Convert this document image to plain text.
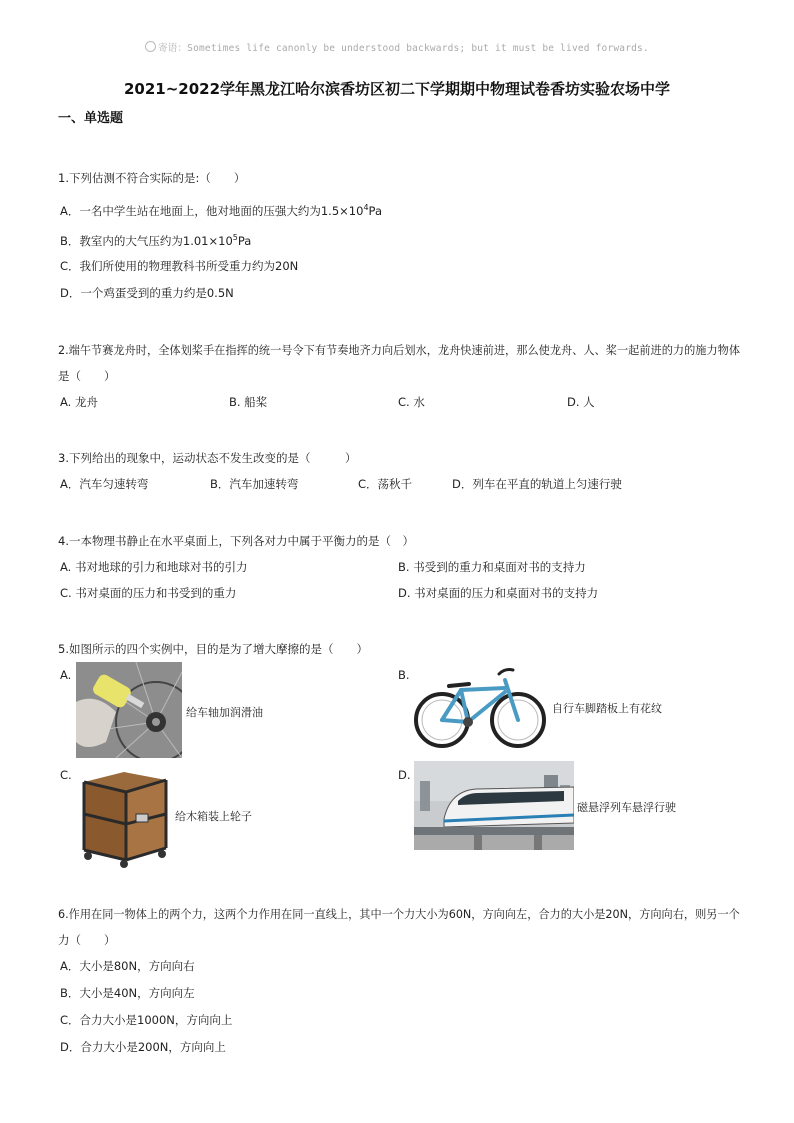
寄语：Sometimes life canonly be understood backwards; but it must be lived forwards.
2021~2022学年黑龙江哈尔滨香坊区初二下学期期中物理试卷香坊实验农场中学
一、单选题
1.下列估测不符合实际的是:（　　）
A．一名中学生站在地面上，他对地面的压强大约为$1.5\times 10^4Pa$
B．教室内的大气压约为$1.01\times 10^5Pa$
C．我们所使用的物理教科书所受重力约为20N
D．一个鸡蛋受到的重力约是0.5N
2.端午节赛龙舟时，全体划桨手在指挥的统一号令下有节奏地齐力向后划水，龙舟快速前进，那么使龙舟、人、桨一起前进的力的施力物体
是（　　）
A. 龙舟	B. 船桨	C. 水	D. 人
3.下列给出的现象中，运动状态不发生改变的是（　　　）
A．汽车匀速转弯	B．汽车加速转弯	C．荡秋千	D．列车在平直的轨道上匀速行驶
4.一本物理书静止在水平桌面上，下列各对力中属于平衡力的是（　）
A. 书对地球的引力和地球对书的引力	B. 书受到的重力和桌面对书的支持力
C. 书对桌面的压力和书受到的重力	D. 书对桌面的压力和桌面对书的支持力
5.如图所示的四个实例中，目的是为了增大摩擦的是（　　）
A.
给车轴加润滑油
B.
自行车脚踏板上有花纹
C.
给木箱装上轮子
D.
磁悬浮列车悬浮行驶
6.作用在同一物体上的两个力，这两个力作用在同一直线上，其中一个力大小为60N，方向向左，合力的大小是20N，方向向右，则另一个
力（　　）
A．大小是80N，方向向右
B．大小是40N，方向向左
C．合力大小是1000N，方向向上
D．合力大小是200N，方向向上
